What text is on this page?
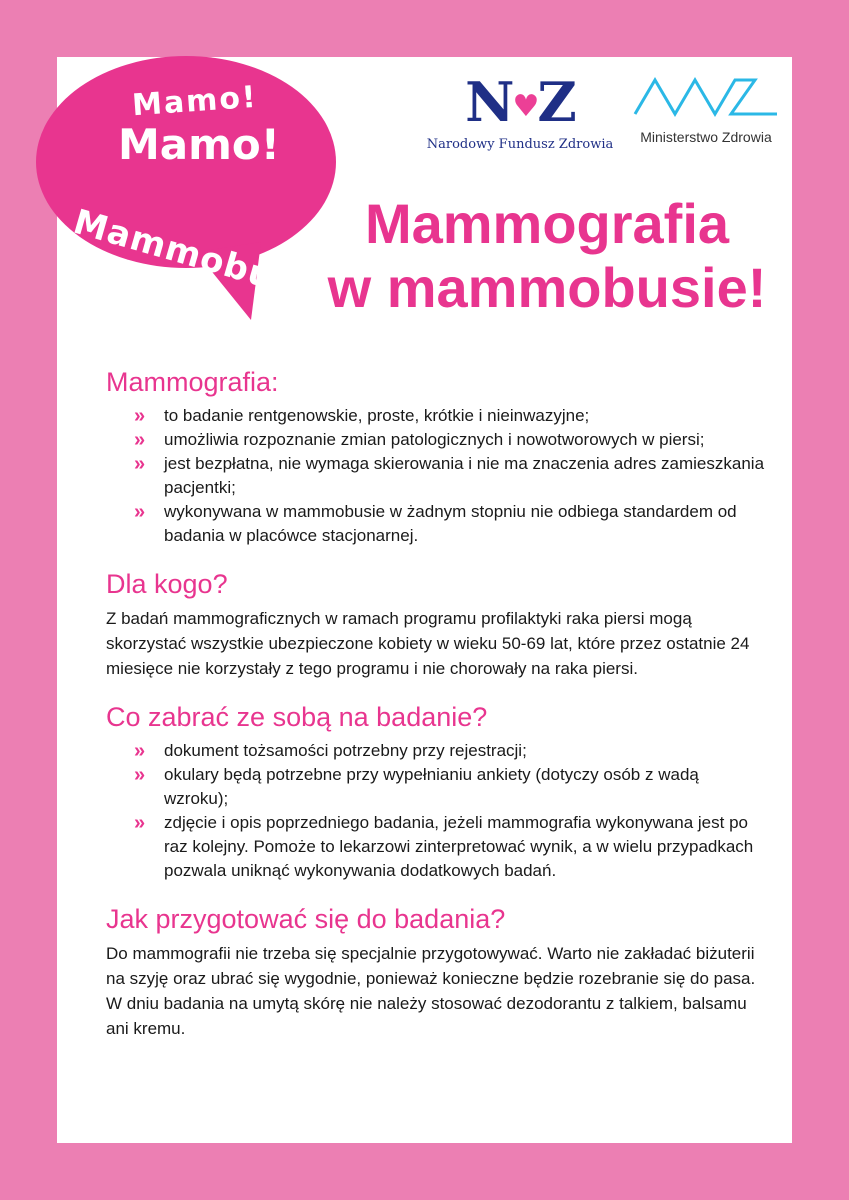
Mamo!
Mamo!
Mammobus!
N♥Z
Narodowy Fundusz Zdrowia	Ministerstwo Zdrowia
Mammografia
w mammobusie!
Mammografia:
» to badanie rentgenowskie, proste, krótkie i nieinwazyjne;
» umożliwia rozpoznanie zmian patologicznych i nowotworowych w piersi;
» jest bezpłatna, nie wymaga skierowania i nie ma znaczenia adres zamieszkania pacjentki;
» wykonywana w mammobusie w żadnym stopniu nie odbiega standardem od badania w placówce stacjonarnej.
Dla kogo?

Z badań mammograficznych w ramach programu profilaktyki raka piersi mogą skorzystać wszystkie ubezpieczone kobiety w wieku 50-69 lat, które przez ostatnie 24 miesięce nie korzystały z tego programu i nie chorowały na raka piersi.

Co zabrać ze sobą na badanie?
» dokument tożsamości potrzebny przy rejestracji;
» okulary będą potrzebne przy wypełnianiu ankiety (dotyczy osób z wadą wzroku);
» zdjęcie i opis poprzedniego badania, jeżeli mammografia wykonywana jest po raz kolejny. Pomoże to lekarzowi zinterpretować wynik, a w wielu przypadkach pozwala uniknąć wykonywania dodatkowych badań.
Jak przygotować się do badania?

Do mammografii nie trzeba się specjalnie przygotowywać. Warto nie zakładać biżuterii na szyję oraz ubrać się wygodnie, ponieważ konieczne będzie rozebranie się do pasa. W dniu badania na umytą skórę nie należy stosować dezodorantu z talkiem, balsamu ani kremu.
